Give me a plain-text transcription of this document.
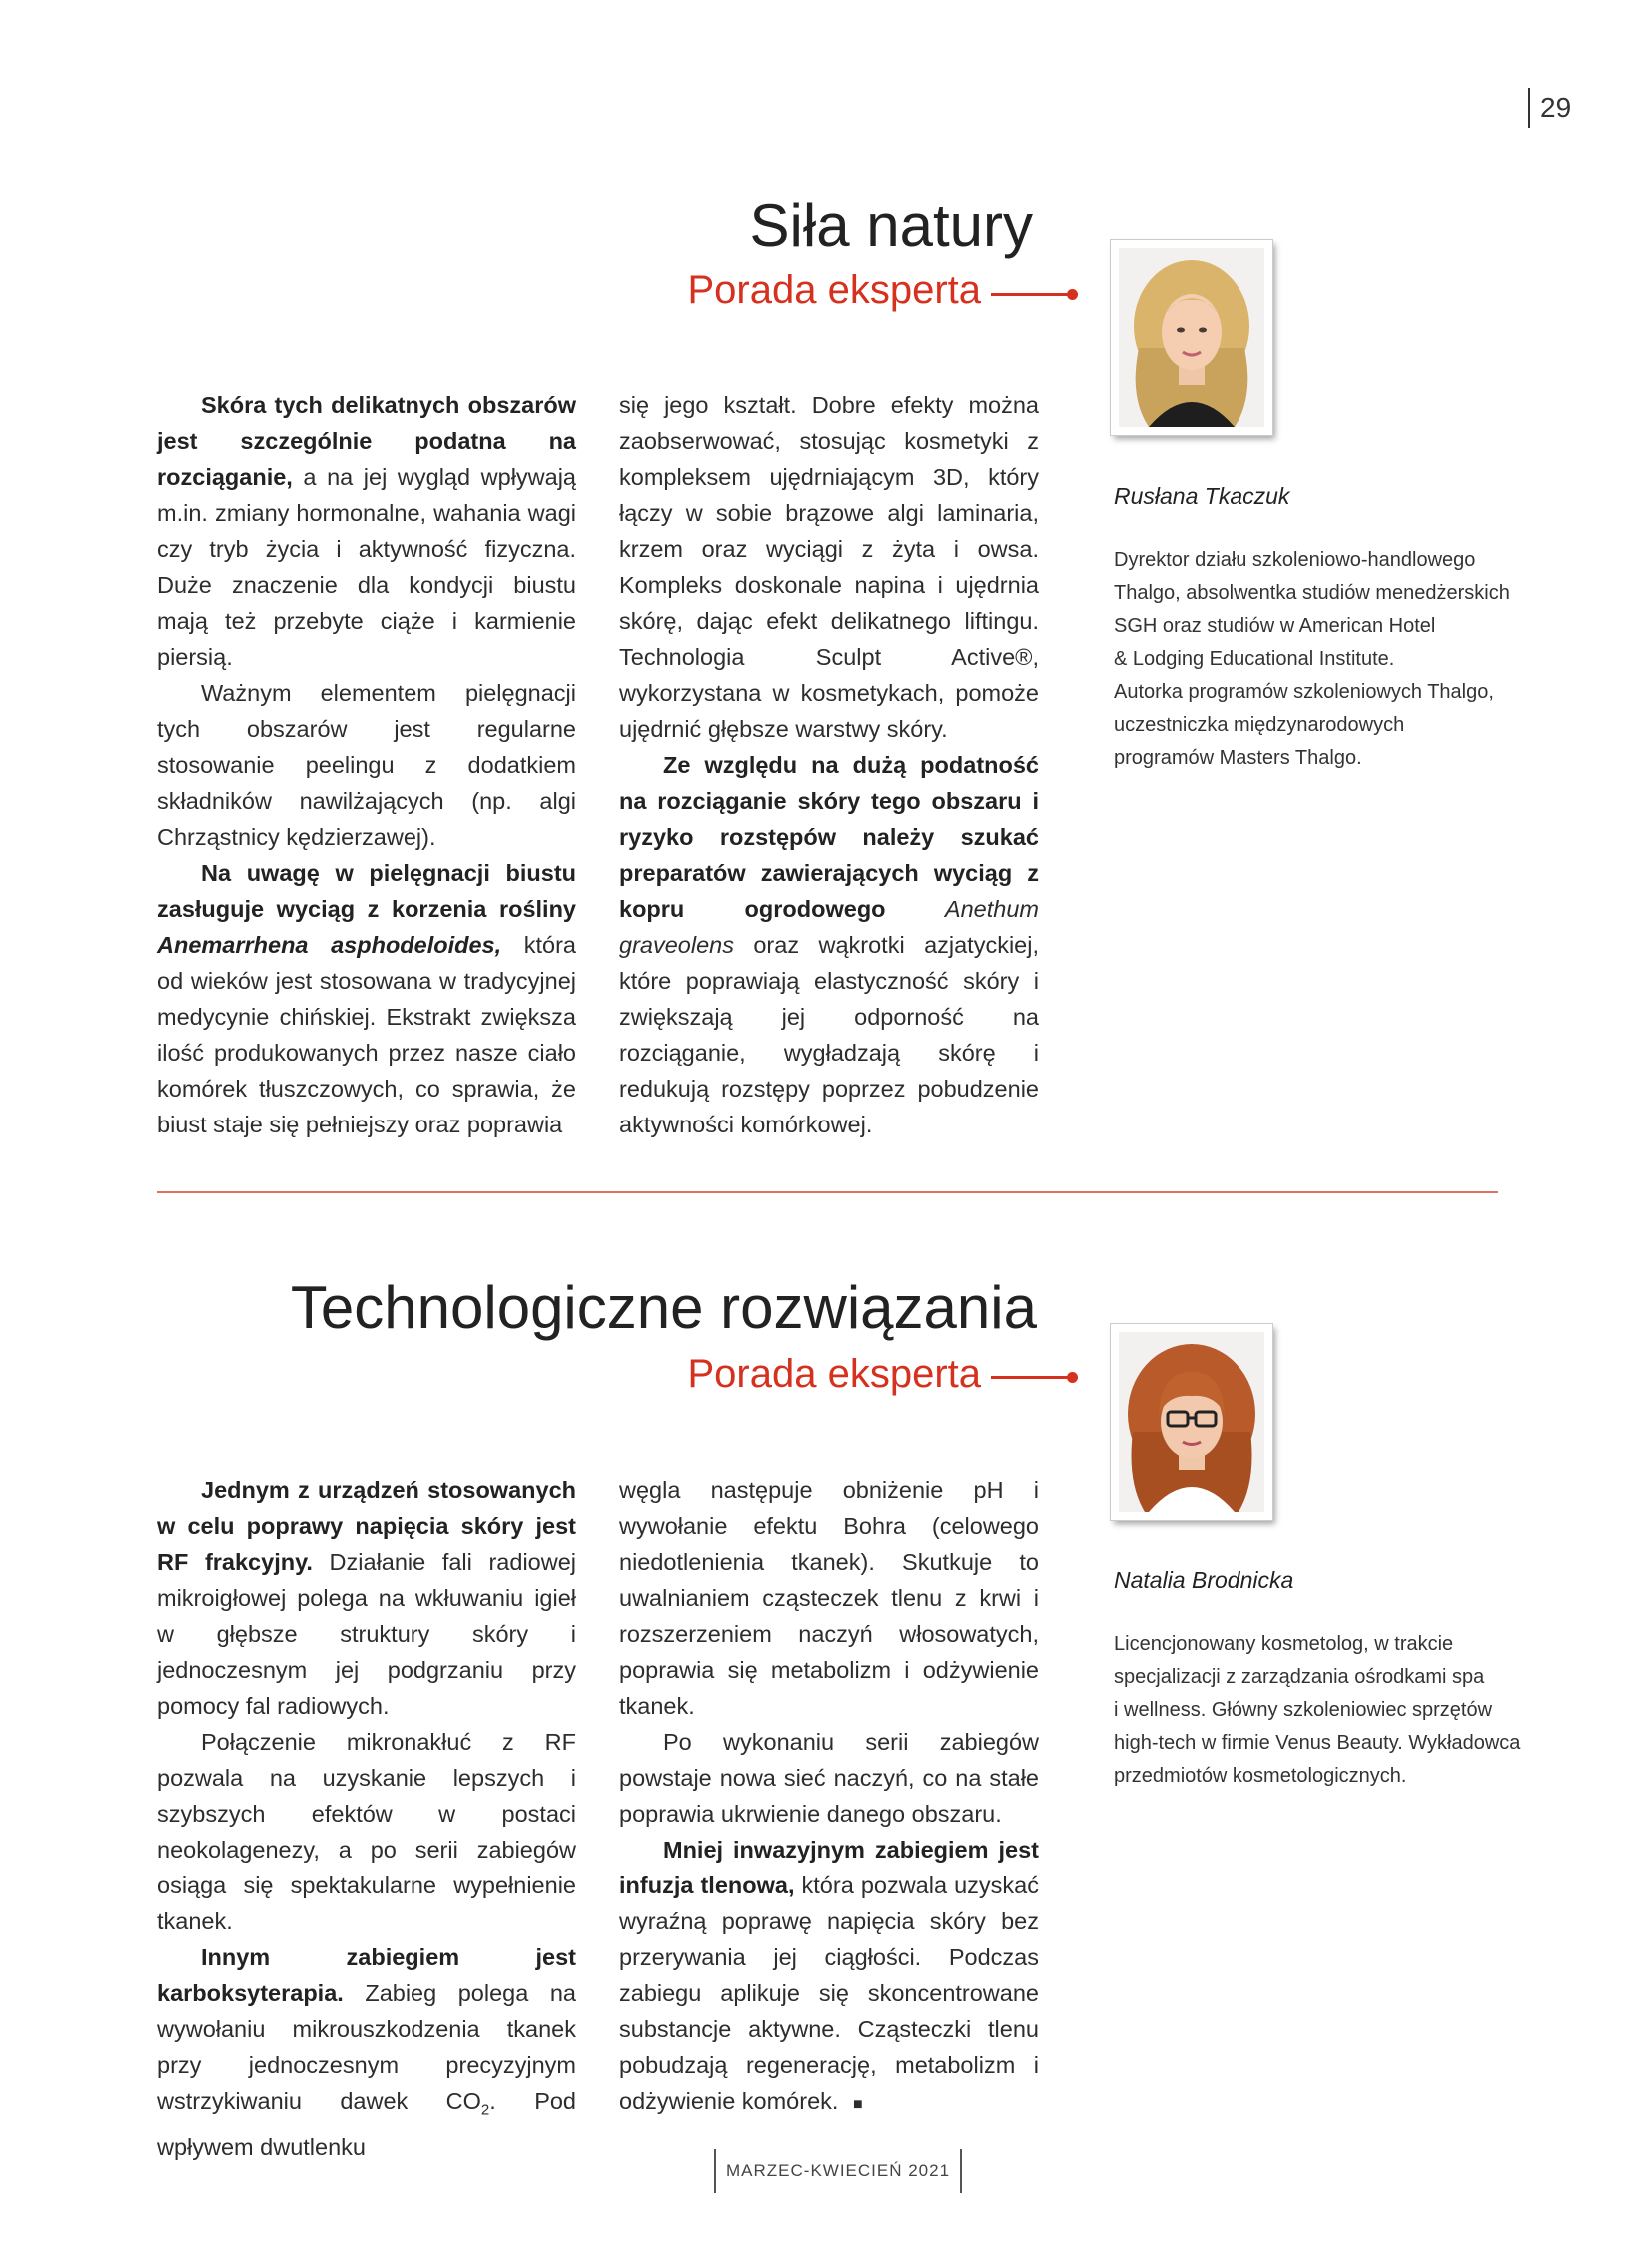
29
Siła natury
Porada eksperta
Rusłana Tkaczuk
Dyrektor działu szkoleniowo-handlowego
Thalgo, absolwentka studiów menedżerskich
SGH oraz studiów w American Hotel
& Lodging Educational Institute.
Autorka programów szkoleniowych Thalgo,
uczestniczka międzynarodowych
programów Masters Thalgo.

Skóra tych delikatnych obszarów jest szczególnie podatna na rozciąganie, a na jej wygląd wpływają m.in. zmiany hormonalne, wahania wagi czy tryb życia i aktywność fizyczna. Duże znaczenie dla kondycji biustu mają też przebyte ciąże i karmienie piersią.

Ważnym elementem pielęgnacji tych obszarów jest regularne stosowanie peelingu z dodatkiem składników nawilżających (np. algi Chrząstnicy kędzierzawej).

Na uwagę w pielęgnacji biustu zasługuje wyciąg z korzenia rośliny Anemarrhena asphodeloides, która od wieków jest stosowana w tradycyjnej medycynie chińskiej. Ekstrakt zwiększa ilość produkowanych przez nasze ciało komórek tłuszczowych, co sprawia, że biust staje się pełniejszy oraz poprawia

się jego kształt. Dobre efekty można zaobserwować, stosując kosmetyki z kompleksem ujędrniającym 3D, który łączy w sobie brązowe algi laminaria, krzem oraz wyciągi z żyta i owsa. Kompleks doskonale napina i ujędrnia skórę, dając efekt delikatnego liftingu. Technologia Sculpt Active®, wykorzystana w kosmetykach, pomoże ujędrnić głębsze warstwy skóry.

Ze względu na dużą podatność na rozciąganie skóry tego obszaru i ryzyko rozstępów należy szukać preparatów zawierających wyciąg z kopru ogrodowego Anethum graveolens oraz wąkrotki azjatyckiej, które poprawiają elastyczność skóry i zwiększają jej odporność na rozciąganie, wygładzają skórę i redukują rozstępy poprzez pobudzenie aktywności komórkowej.

Technologiczne rozwiązania
Porada eksperta
Natalia Brodnicka
Licencjonowany kosmetolog, w trakcie
specjalizacji z zarządzania ośrodkami spa
i wellness. Główny szkoleniowiec sprzętów
high-tech w firmie Venus Beauty. Wykładowca
przedmiotów kosmetologicznych.

Jednym z urządzeń stosowanych w celu poprawy napięcia skóry jest RF frakcyjny. Działanie fali radiowej mikroigłowej polega na wkłuwaniu igieł w głębsze struktury skóry i jednoczesnym jej podgrzaniu przy pomocy fal radiowych.

Połączenie mikronakłuć z RF pozwala na uzyskanie lepszych i szybszych efektów w postaci neokolagenezy, a po serii zabiegów osiąga się spektakularne wypełnienie tkanek.

Innym zabiegiem jest karboksyterapia. Zabieg polega na wywołaniu mikrouszkodzenia tkanek przy jednoczesnym precyzyjnym wstrzykiwaniu dawek $CO_2$. Pod wpływem dwutlenku

węgla następuje obniżenie pH i wywołanie efektu Bohra (celowego niedotlenienia tkanek). Skutkuje to uwalnianiem cząsteczek tlenu z krwi i rozszerzeniem naczyń włosowatych, poprawia się metabolizm i odżywienie tkanek.

Po wykonaniu serii zabiegów powstaje nowa sieć naczyń, co na stałe poprawia ukrwienie danego obszaru.

Mniej inwazyjnym zabiegiem jest infuzja tlenowa, która pozwala uzyskać wyraźną poprawę napięcia skóry bez przerywania jej ciągłości. Podczas zabiegu aplikuje się skoncentrowane substancje aktywne. Cząsteczki tlenu pobudzają regenerację, metabolizm i odżywienie komórek. ■

MARZEC-KWIECIEŃ 2021
